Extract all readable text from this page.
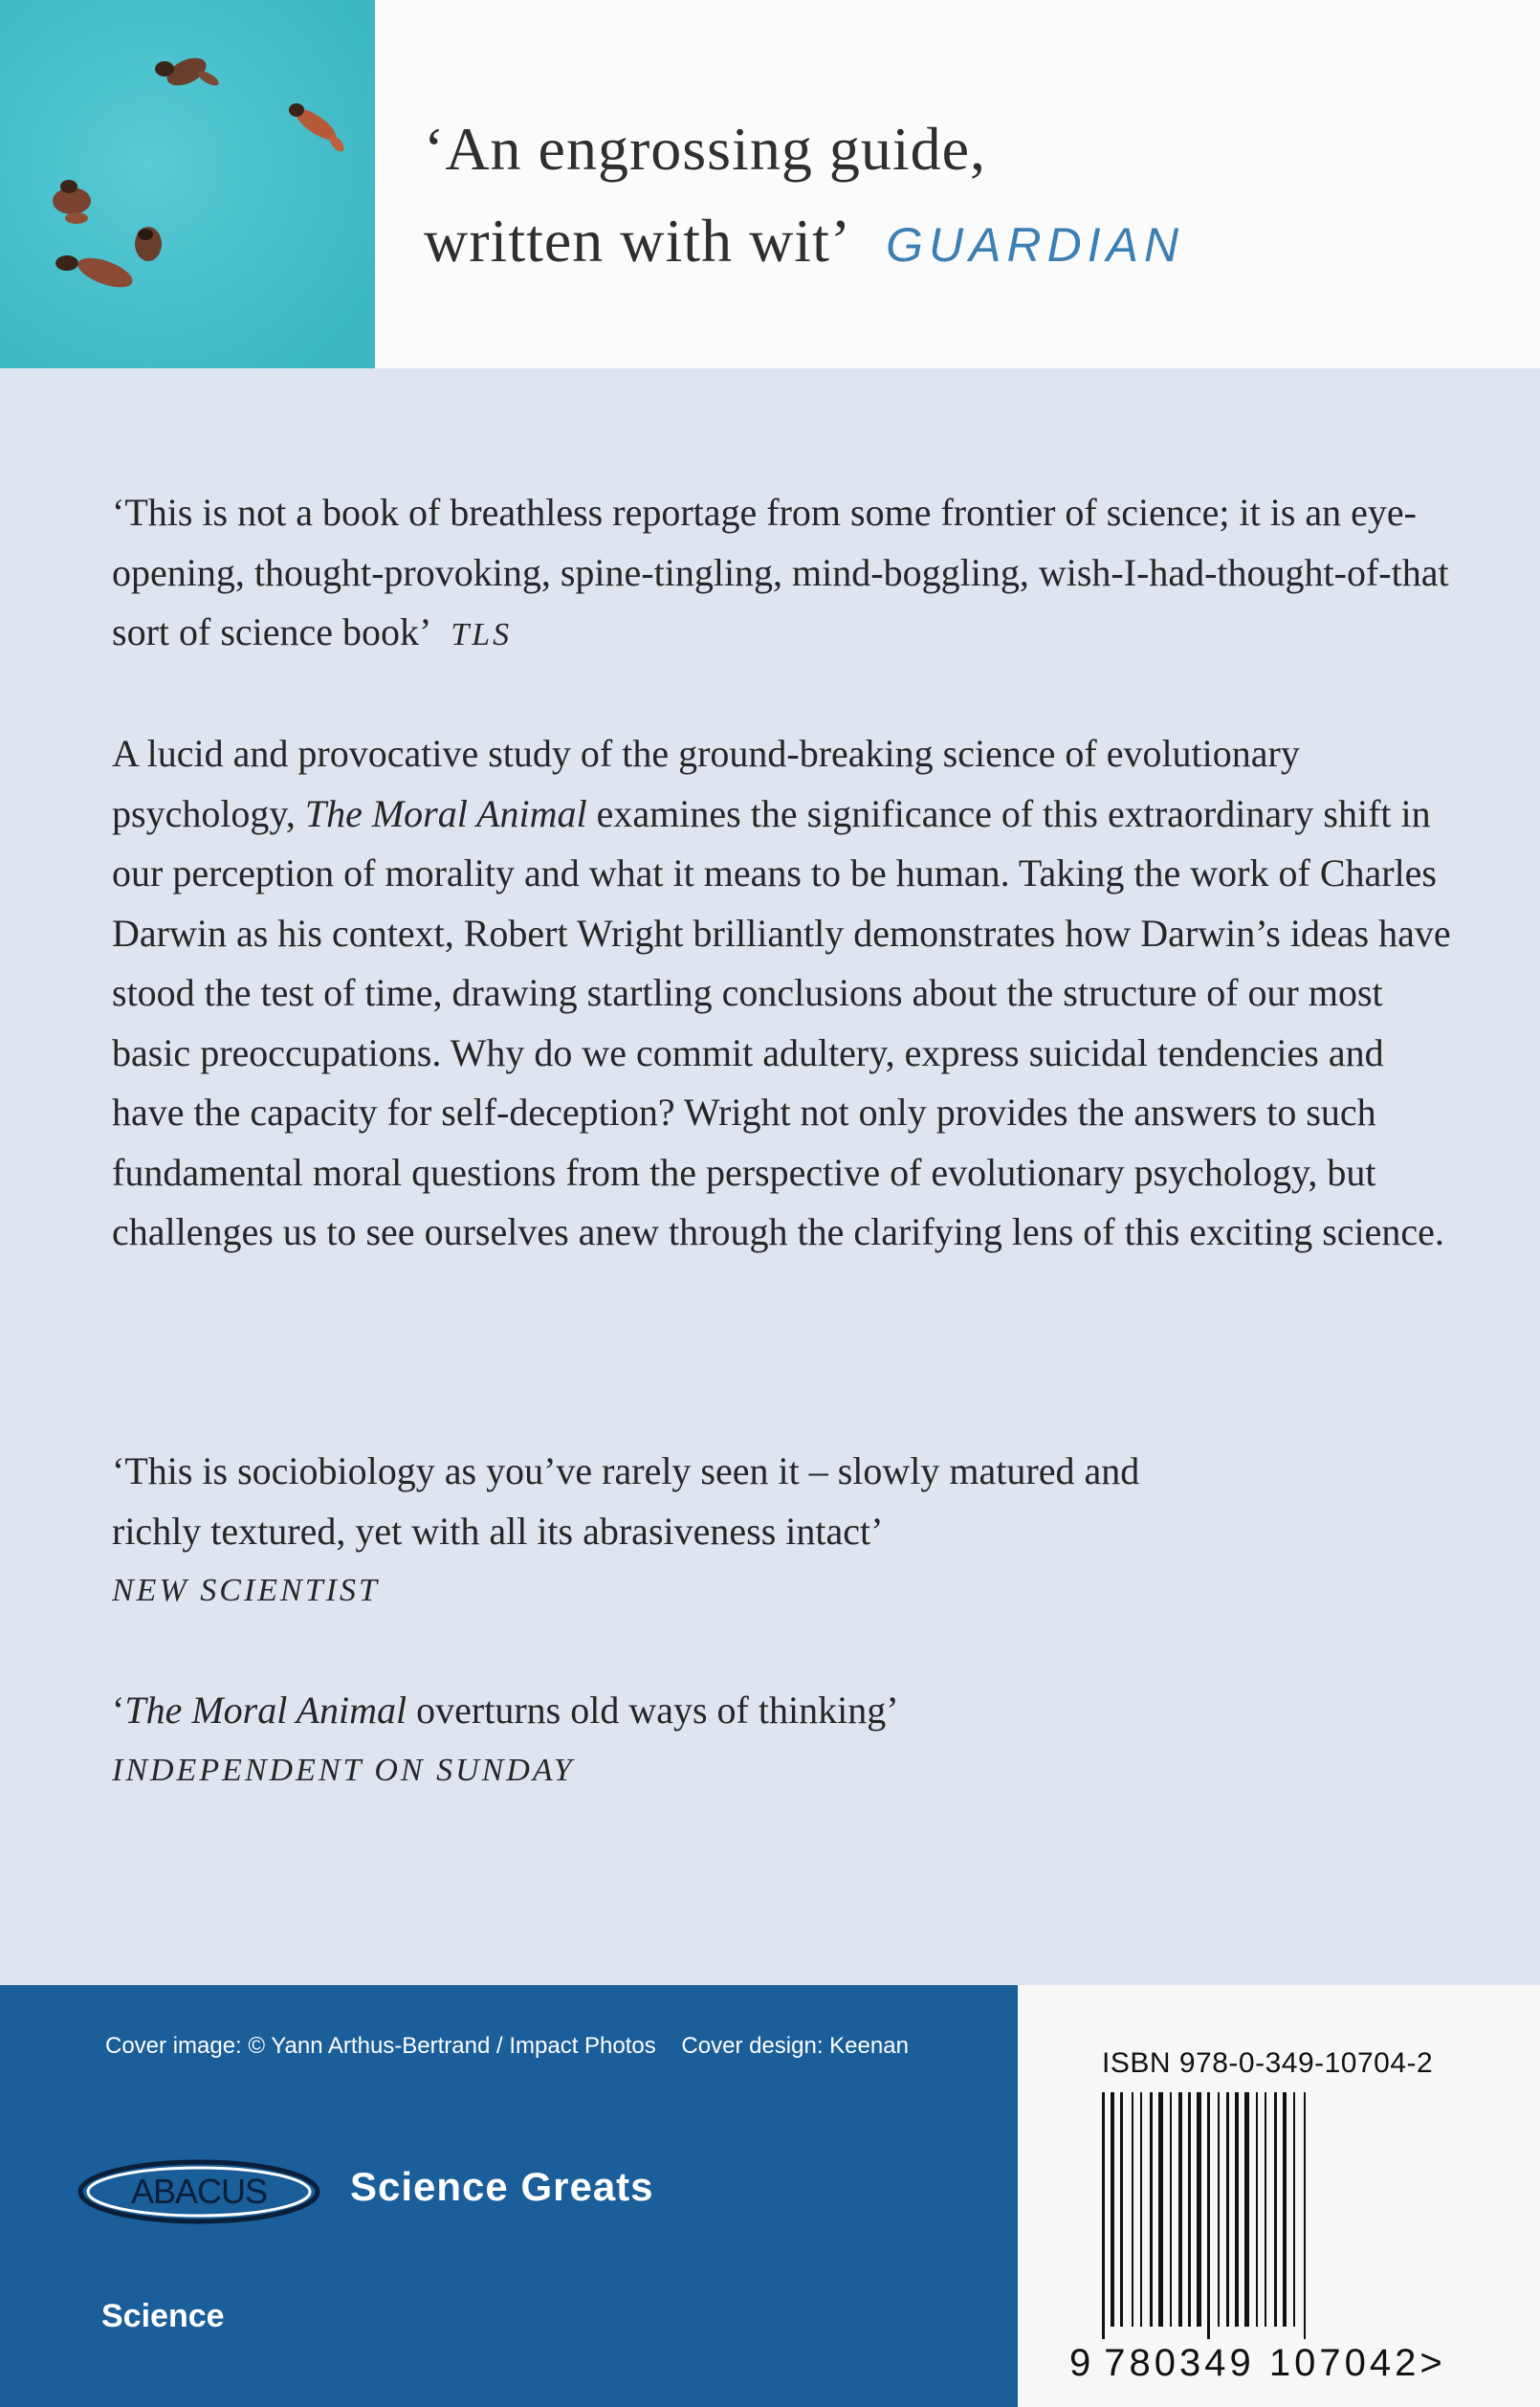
‘An engrossing guide,
written with wit’ GUARDIAN
‘This is not a book of breathless reportage from some frontier of science; it is an eye-opening, thought-provoking, spine-tingling, mind-boggling, wish-I-had-thought-of-that sort of science book’ TLS
A lucid and provocative study of the ground-breaking science of evolutionary psychology, The Moral Animal examines the significance of this extraordinary shift in our perception of morality and what it means to be human. Taking the work of Charles Darwin as his context, Robert Wright brilliantly demonstrates how Darwin’s ideas have stood the test of time, drawing startling conclusions about the structure of our most basic preoccupations. Why do we commit adultery, express suicidal tendencies and have the capacity for self-deception? Wright not only provides the answers to such fundamental moral questions from the perspective of evolutionary psychology, but challenges us to see ourselves anew through the clarifying lens of this exciting science.
‘This is sociobiology as you’ve rarely seen it – slowly matured and
richly textured, yet with all its abrasiveness intact’
NEW SCIENTIST
‘The Moral Animal overturns old ways of thinking’
INDEPENDENT ON SUNDAY
Cover image: © Yann Arthus-Bertrand / Impact Photos Cover design: Keenan
ABACUS Science Greats
Science
ISBN 978-0-349-10704-2
9 780349 107042>
